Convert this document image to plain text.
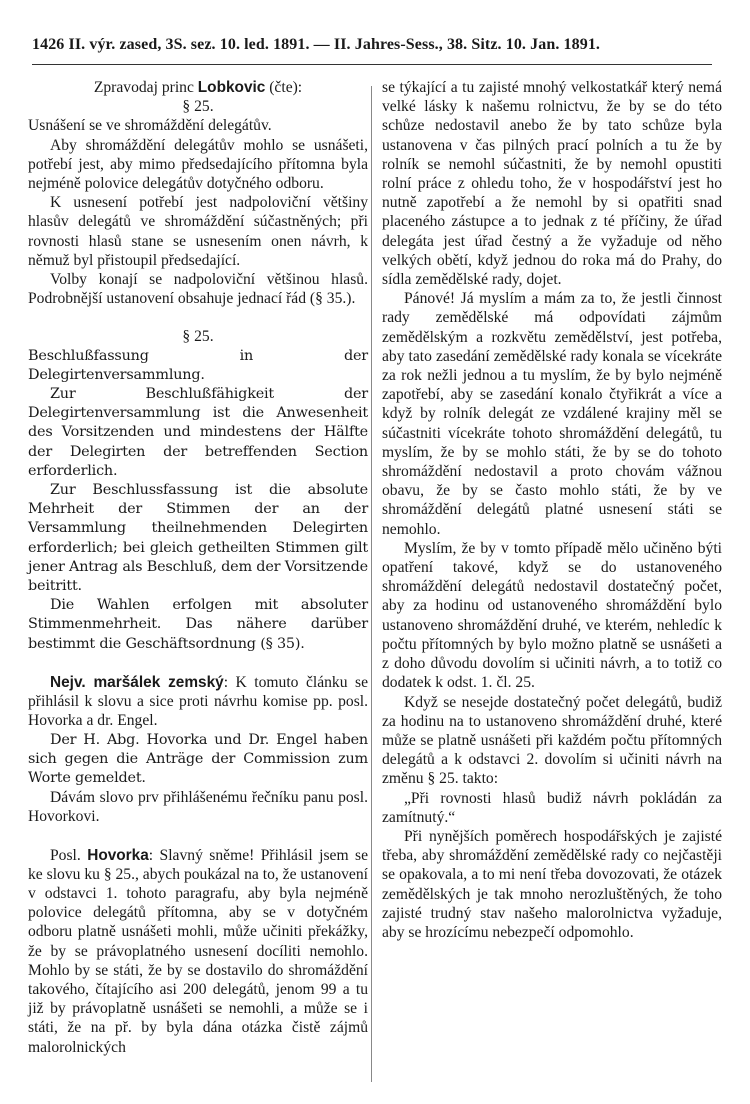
1426 II. výr. zased, 3S. sez. 10. led. 1891. — II. Jahres-Sess., 38. Sitz. 10. Jan. 1891.

Zpravodaj princ Lobkovic (čte):

§ 25.

Usnášení se ve shromáždění delegátův.

Aby shromáždění delegátův mohlo se usnášeti, potřebí jest, aby mimo předsedajícího přítomna byla nejméně polovice delegátův dotyčného odboru.

K usnesení potřebí jest nadpoloviční většiny hlasův delegátů ve shromáždění súčastněných; při rovnosti hlasů stane se usnesením onen návrh, k němuž byl přistoupil předsedající.

Volby konají se nadpoloviční většinou hlasů. Podrobnější ustanovení obsahuje jednací řád (§ 35.).

§ 25.

Beschlußfassung in der Delegirtenversammlung.

Zur Beschlußfähigkeit der Delegirtenversammlung ist die Anwesenheit des Vorsitzenden und mindestens der Hälfte der Delegirten der betreffenden Section erforderlich.

Zur Beschlussfassung ist die absolute Mehrheit der Stimmen der an der Versammlung theilnehmenden Delegirten erforderlich; bei gleich getheilten Stimmen gilt jener Antrag als Beschluß, dem der Vorsitzende beitritt.

Die Wahlen erfolgen mit absoluter Stimmenmehrheit. Das nähere darüber bestimmt die Geschäftsordnung (§ 35).

Nejv. maršálek zemský: K tomuto článku se přihlásil k slovu a sice proti návrhu komise pp. posl. Hovorka a dr. Engel.

Der H. Abg. Hovorka und Dr. Engel haben sich gegen die Anträge der Commission zum Worte gemeldet.

Dávám slovo prv přihlášenému řečníku panu posl. Hovorkovi.

Posl. Hovorka: Slavný sněme! Přihlásil jsem se ke slovu ku § 25., abych poukázal na to, že ustanovení v odstavci 1. tohoto paragrafu, aby byla nejméně polovice delegátů přítomna, aby se v dotyčném odboru platně usnášeti mohli, může učiniti překážky, že by se právoplatného usnesení docíliti nemohlo. Mohlo by se státi, že by se dostavilo do shromáždění takového, čítajícího asi 200 delegátů, jenom 99 a tu již by právoplatně usnášeti se nemohli, a může se i státi, že na př. by byla dána otázka čistě zájmů malorolnických

se týkající a tu zajisté mnohý velkostatkář který nemá velké lásky k našemu rolnictvu, že by se do této schůze nedostavil anebo že by tato schůze byla ustanovena v čas pilných prací polních a tu že by rolník se nemohl súčastniti, že by nemohl opustiti rolní práce z ohledu toho, že v hospodářství jest ho nutně zapotřebí a že nemohl by si opatřiti snad placeného zástupce a to jednak z té příčiny, že úřad delegáta jest úřad čestný a že vyžaduje od něho velkých obětí, když jednou do roka má do Prahy, do sídla zemědělské rady, dojet.

Pánové! Já myslím a mám za to, že jestli činnost rady zemědělské má odpovídati zájmům zemědělským a rozkvětu zemědělství, jest potřeba, aby tato zasedání zemědělské rady konala se vícekráte za rok nežli jednou a tu myslím, že by bylo nejméně zapotřebí, aby se zasedání konalo čtyřikrát a více a když by rolník delegát ze vzdálené krajiny měl se súčastniti vícekráte tohoto shromáždění delegátů, tu myslím, že by se mohlo státi, že by se do tohoto shromáždění nedostavil a proto chovám vážnou obavu, že by se často mohlo státi, že by ve shromáždění delegátů platné usnesení státi se nemohlo.

Myslím, že by v tomto případě mělo učiněno býti opatření takové, když se do ustanoveného shromáždění delegátů nedostavil dostatečný počet, aby za hodinu od ustanoveného shromáždění bylo ustanoveno shromáždění druhé, ve kterém, nehledíc k počtu přítomných by bylo možno platně se usnášeti a z doho důvodu dovolím si učiniti návrh, a to totiž co dodatek k odst. 1. čl. 25.

Když se nesejde dostatečný počet delegátů, budiž za hodinu na to ustanoveno shromáždění druhé, které může se platně usnášeti při každém počtu přítomných delegátů a k odstavci 2. dovolím si učiniti návrh na změnu § 25. takto:

„Při rovnosti hlasů budiž návrh pokládán za zamítnutý.“

Při nynějších poměrech hospodářských je zajisté třeba, aby shromáždění zemědělské rady co nejčastěji se opakovala, a to mi není třeba dovozovati, že otázek zemědělských je tak mnoho nerozluštěných, že toho zajisté trudný stav našeho malorolnictva vyžaduje, aby se hrozícímu nebezpečí odpomohlo.
